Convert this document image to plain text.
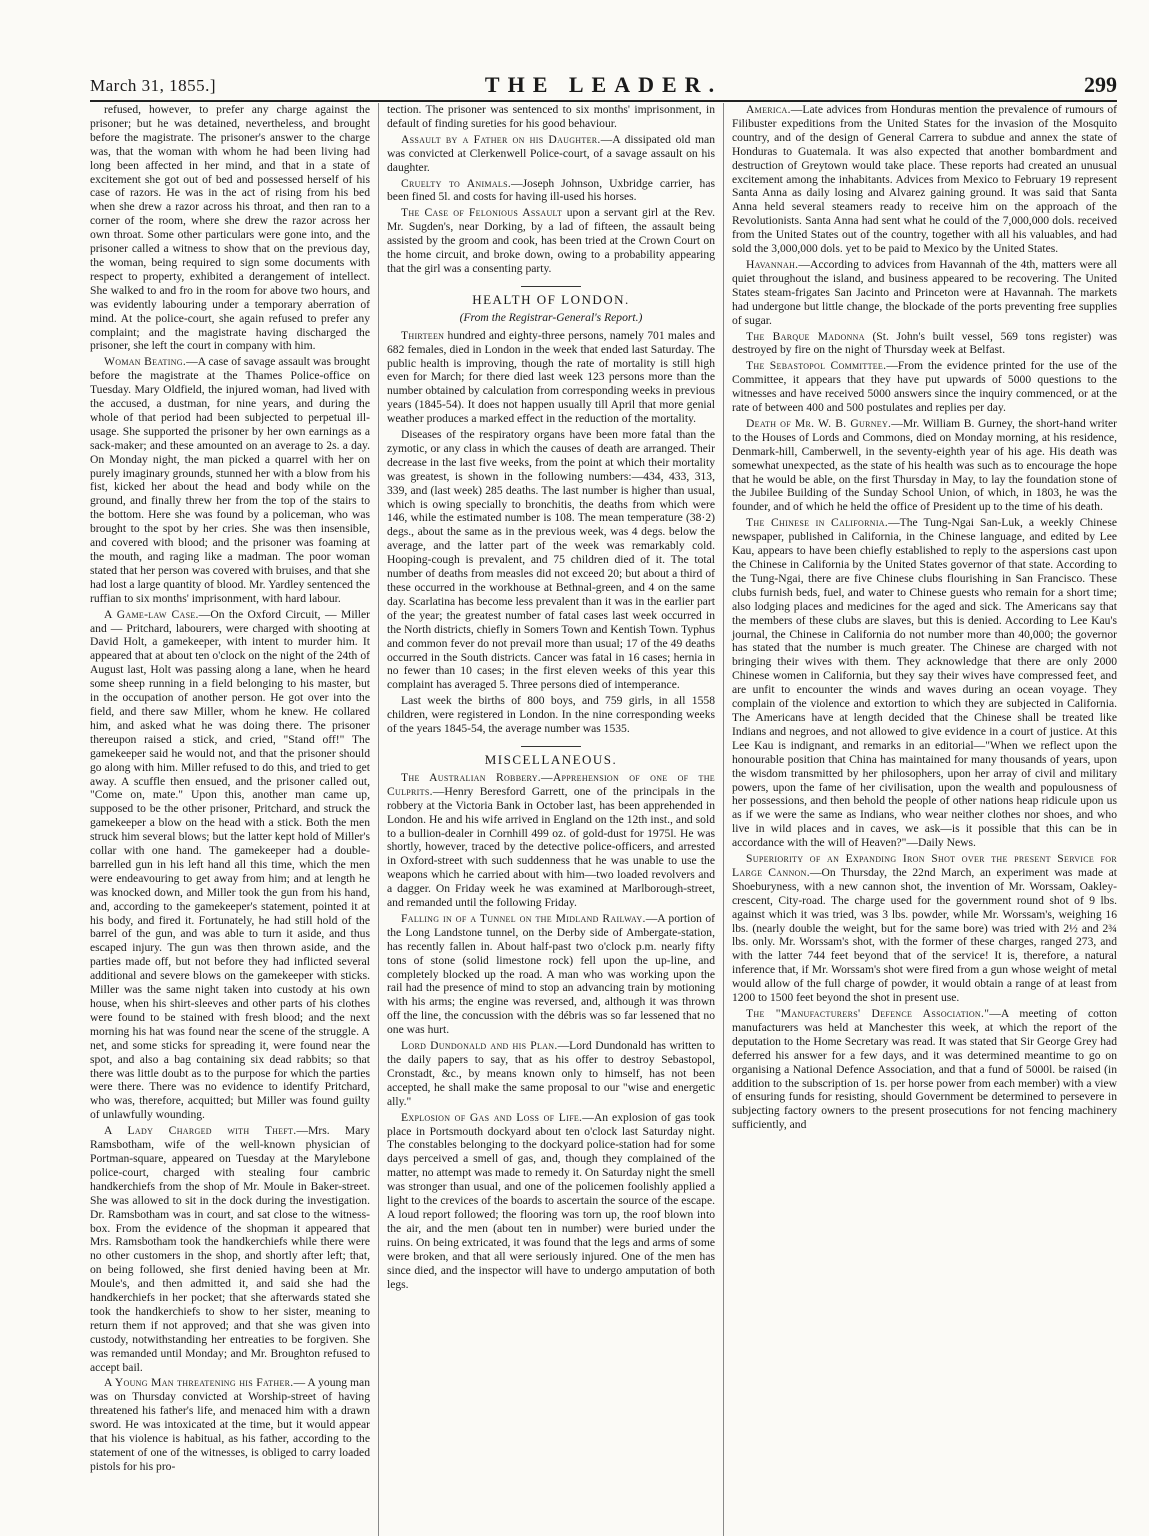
March 31, 1855.]	THE LEADER.	299

refused, however, to prefer any charge against the prisoner; but he was detained, nevertheless, and brought before the magistrate. The prisoner's answer to the charge was, that the woman with whom he had been living had long been affected in her mind, and that in a state of excitement she got out of bed and possessed herself of his case of razors. He was in the act of rising from his bed when she drew a razor across his throat, and then ran to a corner of the room, where she drew the razor across her own throat. Some other particulars were gone into, and the prisoner called a witness to show that on the previous day, the woman, being required to sign some documents with respect to property, exhibited a derangement of intellect. She walked to and fro in the room for above two hours, and was evidently labouring under a temporary aberration of mind. At the police-court, she again refused to prefer any complaint; and the magistrate having discharged the prisoner, she left the court in company with him.

Woman Beating.—A case of savage assault was brought before the magistrate at the Thames Police-office on Tuesday. Mary Oldfield, the injured woman, had lived with the accused, a dustman, for nine years, and during the whole of that period had been subjected to perpetual ill-usage. She supported the prisoner by her own earnings as a sack-maker; and these amounted on an average to 2s. a day. On Monday night, the man picked a quarrel with her on purely imaginary grounds, stunned her with a blow from his fist, kicked her about the head and body while on the ground, and finally threw her from the top of the stairs to the bottom. Here she was found by a policeman, who was brought to the spot by her cries. She was then insensible, and covered with blood; and the prisoner was foaming at the mouth, and raging like a madman. The poor woman stated that her person was covered with bruises, and that she had lost a large quantity of blood. Mr. Yardley sentenced the ruffian to six months' imprisonment, with hard labour.

A Game-law Case.—On the Oxford Circuit, — Miller and — Pritchard, labourers, were charged with shooting at David Holt, a gamekeeper, with intent to murder him. It appeared that at about ten o'clock on the night of the 24th of August last, Holt was passing along a lane, when he heard some sheep running in a field belonging to his master, but in the occupation of another person. He got over into the field, and there saw Miller, whom he knew. He collared him, and asked what he was doing there. The prisoner thereupon raised a stick, and cried, "Stand off!" The gamekeeper said he would not, and that the prisoner should go along with him. Miller refused to do this, and tried to get away. A scuffle then ensued, and the prisoner called out, "Come on, mate." Upon this, another man came up, supposed to be the other prisoner, Pritchard, and struck the gamekeeper a blow on the head with a stick. Both the men struck him several blows; but the latter kept hold of Miller's collar with one hand. The gamekeeper had a double-barrelled gun in his left hand all this time, which the men were endeavouring to get away from him; and at length he was knocked down, and Miller took the gun from his hand, and, according to the gamekeeper's statement, pointed it at his body, and fired it. Fortunately, he had still hold of the barrel of the gun, and was able to turn it aside, and thus escaped injury. The gun was then thrown aside, and the parties made off, but not before they had inflicted several additional and severe blows on the gamekeeper with sticks. Miller was the same night taken into custody at his own house, when his shirt-sleeves and other parts of his clothes were found to be stained with fresh blood; and the next morning his hat was found near the scene of the struggle. A net, and some sticks for spreading it, were found near the spot, and also a bag containing six dead rabbits; so that there was little doubt as to the purpose for which the parties were there. There was no evidence to identify Pritchard, who was, therefore, acquitted; but Miller was found guilty of unlawfully wounding.

A Lady Charged with Theft.—Mrs. Mary Ramsbotham, wife of the well-known physician of Portman-square, appeared on Tuesday at the Marylebone police-court, charged with stealing four cambric handkerchiefs from the shop of Mr. Moule in Baker-street. She was allowed to sit in the dock during the investigation. Dr. Ramsbotham was in court, and sat close to the witness-box. From the evidence of the shopman it appeared that Mrs. Ramsbotham took the handkerchiefs while there were no other customers in the shop, and shortly after left; that, on being followed, she first denied having been at Mr. Moule's, and then admitted it, and said she had the handkerchiefs in her pocket; that she afterwards stated she took the handkerchiefs to show to her sister, meaning to return them if not approved; and that she was given into custody, notwithstanding her entreaties to be forgiven. She was remanded until Monday; and Mr. Broughton refused to accept bail.

A Young Man threatening his Father.— A young man was on Thursday convicted at Worship-street of having threatened his father's life, and menaced him with a drawn sword. He was intoxicated at the time, but it would appear that his violence is habitual, as his father, according to the statement of one of the witnesses, is obliged to carry loaded pistols for his pro-

tection. The prisoner was sentenced to six months' imprisonment, in default of finding sureties for his good behaviour.

Assault by a Father on his Daughter.—A dissipated old man was convicted at Clerkenwell Police-court, of a savage assault on his daughter.

Cruelty to Animals.—Joseph Johnson, Uxbridge carrier, has been fined 5l. and costs for having ill-used his horses.

The Case of Felonious Assault upon a servant girl at the Rev. Mr. Sugden's, near Dorking, by a lad of fifteen, the assault being assisted by the groom and cook, has been tried at the Crown Court on the home circuit, and broke down, owing to a probability appearing that the girl was a consenting party.

HEALTH OF LONDON.
(From the Registrar-General's Report.)

Thirteen hundred and eighty-three persons, namely 701 males and 682 females, died in London in the week that ended last Saturday. The public health is improving, though the rate of mortality is still high even for March; for there died last week 123 persons more than the number obtained by calculation from corresponding weeks in previous years (1845-54). It does not happen usually till April that more genial weather produces a marked effect in the reduction of the mortality.

Diseases of the respiratory organs have been more fatal than the zymotic, or any class in which the causes of death are arranged. Their decrease in the last five weeks, from the point at which their mortality was greatest, is shown in the following numbers:—434, 433, 313, 339, and (last week) 285 deaths. The last number is higher than usual, which is owing specially to bronchitis, the deaths from which were 146, while the estimated number is 108. The mean temperature (38·2) degs., about the same as in the previous week, was 4 degs. below the average, and the latter part of the week was remarkably cold. Hooping-cough is prevalent, and 75 children died of it. The total number of deaths from measles did not exceed 20; but about a third of these occurred in the workhouse at Bethnal-green, and 4 on the same day. Scarlatina has become less prevalent than it was in the earlier part of the year; the greatest number of fatal cases last week occurred in the North districts, chiefly in Somers Town and Kentish Town. Typhus and common fever do not prevail more than usual; 17 of the 49 deaths occurred in the South districts. Cancer was fatal in 16 cases; hernia in no fewer than 10 cases; in the first eleven weeks of this year this complaint has averaged 5. Three persons died of intemperance.

Last week the births of 800 boys, and 759 girls, in all 1558 children, were registered in London. In the nine corresponding weeks of the years 1845-54, the average number was 1535.

MISCELLANEOUS.

The Australian Robbery.—Apprehension of one of the Culprits.—Henry Beresford Garrett, one of the principals in the robbery at the Victoria Bank in October last, has been apprehended in London. He and his wife arrived in England on the 12th inst., and sold to a bullion-dealer in Cornhill 499 oz. of gold-dust for 1975l. He was shortly, however, traced by the detective police-officers, and arrested in Oxford-street with such suddenness that he was unable to use the weapons which he carried about with him—two loaded revolvers and a dagger. On Friday week he was examined at Marlborough-street, and remanded until the following Friday.

Falling in of a Tunnel on the Midland Railway.—A portion of the Long Landstone tunnel, on the Derby side of Ambergate-station, has recently fallen in. About half-past two o'clock p.m. nearly fifty tons of stone (solid limestone rock) fell upon the up-line, and completely blocked up the road. A man who was working upon the rail had the presence of mind to stop an advancing train by motioning with his arms; the engine was reversed, and, although it was thrown off the line, the concussion with the débris was so far lessened that no one was hurt.

Lord Dundonald and his Plan.—Lord Dundonald has written to the daily papers to say, that as his offer to destroy Sebastopol, Cronstadt, &c., by means known only to himself, has not been accepted, he shall make the same proposal to our "wise and energetic ally."

Explosion of Gas and Loss of Life.—An explosion of gas took place in Portsmouth dockyard about ten o'clock last Saturday night. The constables belonging to the dockyard police-station had for some days perceived a smell of gas, and, though they complained of the matter, no attempt was made to remedy it. On Saturday night the smell was stronger than usual, and one of the policemen foolishly applied a light to the crevices of the boards to ascertain the source of the escape. A loud report followed; the flooring was torn up, the roof blown into the air, and the men (about ten in number) were buried under the ruins. On being extricated, it was found that the legs and arms of some were broken, and that all were seriously injured. One of the men has since died, and the inspector will have to undergo amputation of both legs.

America.—Late advices from Honduras mention the prevalence of rumours of Filibuster expeditions from the United States for the invasion of the Mosquito country, and of the design of General Carrera to subdue and annex the state of Honduras to Guatemala. It was also expected that another bombardment and destruction of Greytown would take place. These reports had created an unusual excitement among the inhabitants. Advices from Mexico to February 19 represent Santa Anna as daily losing and Alvarez gaining ground. It was said that Santa Anna held several steamers ready to receive him on the approach of the Revolutionists. Santa Anna had sent what he could of the 7,000,000 dols. received from the United States out of the country, together with all his valuables, and had sold the 3,000,000 dols. yet to be paid to Mexico by the United States.

Havannah.—According to advices from Havannah of the 4th, matters were all quiet throughout the island, and business appeared to be recovering. The United States steam-frigates San Jacinto and Princeton were at Havannah. The markets had undergone but little change, the blockade of the ports preventing free supplies of sugar.

The Barque Madonna (St. John's built vessel, 569 tons register) was destroyed by fire on the night of Thursday week at Belfast.

The Sebastopol Committee.—From the evidence printed for the use of the Committee, it appears that they have put upwards of 5000 questions to the witnesses and have received 5000 answers since the inquiry commenced, or at the rate of between 400 and 500 postulates and replies per day.

Death of Mr. W. B. Gurney.—Mr. William B. Gurney, the short-hand writer to the Houses of Lords and Commons, died on Monday morning, at his residence, Denmark-hill, Camberwell, in the seventy-eighth year of his age. His death was somewhat unexpected, as the state of his health was such as to encourage the hope that he would be able, on the first Thursday in May, to lay the foundation stone of the Jubilee Building of the Sunday School Union, of which, in 1803, he was the founder, and of which he held the office of President up to the time of his death.

The Chinese in California.—The Tung-Ngai San-Luk, a weekly Chinese newspaper, published in California, in the Chinese language, and edited by Lee Kau, appears to have been chiefly established to reply to the aspersions cast upon the Chinese in California by the United States governor of that state. According to the Tung-Ngai, there are five Chinese clubs flourishing in San Francisco. These clubs furnish beds, fuel, and water to Chinese guests who remain for a short time; also lodging places and medicines for the aged and sick. The Americans say that the members of these clubs are slaves, but this is denied. According to Lee Kau's journal, the Chinese in California do not number more than 40,000; the governor has stated that the number is much greater. The Chinese are charged with not bringing their wives with them. They acknowledge that there are only 2000 Chinese women in California, but they say their wives have compressed feet, and are unfit to encounter the winds and waves during an ocean voyage. They complain of the violence and extortion to which they are subjected in California. The Americans have at length decided that the Chinese shall be treated like Indians and negroes, and not allowed to give evidence in a court of justice. At this Lee Kau is indignant, and remarks in an editorial—"When we reflect upon the honourable position that China has maintained for many thousands of years, upon the wisdom transmitted by her philosophers, upon her array of civil and military powers, upon the fame of her civilisation, upon the wealth and populousness of her possessions, and then behold the people of other nations heap ridicule upon us as if we were the same as Indians, who wear neither clothes nor shoes, and who live in wild places and in caves, we ask—is it possible that this can be in accordance with the will of Heaven?"—Daily News.

Superiority of an Expanding Iron Shot over the present Service for Large Cannon.—On Thursday, the 22nd March, an experiment was made at Shoeburyness, with a new cannon shot, the invention of Mr. Worssam, Oakley-crescent, City-road. The charge used for the government round shot of 9 lbs. against which it was tried, was 3 lbs. powder, while Mr. Worssam's, weighing 16 lbs. (nearly double the weight, but for the same bore) was tried with 2½ and 2¾ lbs. only. Mr. Worssam's shot, with the former of these charges, ranged 273, and with the latter 744 feet beyond that of the service! It is, therefore, a natural inference that, if Mr. Worssam's shot were fired from a gun whose weight of metal would allow of the full charge of powder, it would obtain a range of at least from 1200 to 1500 feet beyond the shot in present use.

The "Manufacturers' Defence Association."—A meeting of cotton manufacturers was held at Manchester this week, at which the report of the deputation to the Home Secretary was read. It was stated that Sir George Grey had deferred his answer for a few days, and it was determined meantime to go on organising a National Defence Association, and that a fund of 5000l. be raised (in addition to the subscription of 1s. per horse power from each member) with a view of ensuring funds for resisting, should Government be determined to persevere in subjecting factory owners to the present prosecutions for not fencing machinery sufficiently, and
